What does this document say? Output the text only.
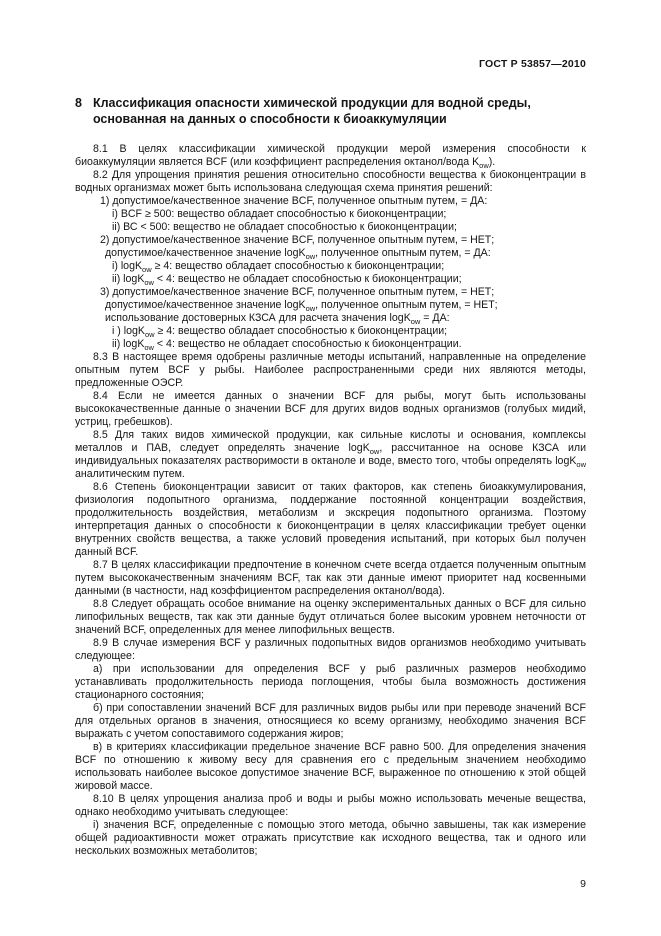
ГОСТ Р 53857—2010
8 Классификация опасности химической продукции для водной среды, основанная на данных о способности к биоаккумуляции

8.1 В целях классификации химической продукции мерой измерения способности к биоаккумуляции является BCF (или коэффициент распределения октанол/вода $K_{ow}$).

8.2 Для упрощения принятия решения относительно способности вещества к биоконцентрации в водных организмах может быть использована следующая схема принятия решений:

1) допустимое/качественное значение BCF, полученное опытным путем, = ДА:

i) BCF ≥ 500: вещество обладает способностью к биоконцентрации;

ii) ВС < 500: вещество не обладает способностью к биоконцентрации;

2) допустимое/качественное значение BCF, полученное опытным путем, = НЕТ;

допустимое/качественное значение logK$_{ow}$, полученное опытным путем, = ДА:

i) logK$_{ow}$ ≥ 4: вещество обладает способностью к биоконцентрации;

ii) logK$_{ow}$ < 4: вещество не обладает способностью к биоконцентрации;

3) допустимое/качественное значение BCF, полученное опытным путем, = НЕТ;

допустимое/качественное значение logK$_{ow}$, полученное опытным путем, = НЕТ;

использование достоверных КЗСА для расчета значения logK$_{ow}$ = ДА:

i ) logK$_{ow}$ ≥ 4: вещество обладает способностью к биоконцентрации;

ii) logK$_{ow}$ < 4: вещество не обладает способностью к биоконцентрации.

8.3 В настоящее время одобрены различные методы испытаний, направленные на определение опытным путем BCF у рыбы. Наиболее распространенными среди них являются методы, предложенные ОЭСР.

8.4 Если не имеется данных о значении BCF для рыбы, могут быть использованы высококачественные данные о значении BCF для других видов водных организмов (голубых мидий, устриц, гребешков).

8.5 Для таких видов химической продукции, как сильные кислоты и основания, комплексы металлов и ПАВ, следует определять значение logK$_{ow}$, рассчитанное на основе КЗСА или индивидуальных показателях растворимости в октаноле и воде, вместо того, чтобы определять logK$_{ow}$ аналитическим путем.

8.6 Степень биоконцентрации зависит от таких факторов, как степень биоаккумулирования, физиология подопытного организма, поддержание постоянной концентрации воздействия, продолжительность воздействия, метаболизм и экскреция подопытного организма. Поэтому интерпретация данных о способности к биоконцентрации в целях классификации требует оценки внутренних свойств вещества, а также условий проведения испытаний, при которых был получен данный BCF.

8.7 В целях классификации предпочтение в конечном счете всегда отдается полученным опытным путем высококачественным значениям BCF, так как эти данные имеют приоритет над косвенными данными (в частности, над коэффициентом распределения октанол/вода).

8.8 Следует обращать особое внимание на оценку экспериментальных данных о BCF для сильно липофильных веществ, так как эти данные будут отличаться более высоким уровнем неточности от значений BCF, определенных для менее липофильных веществ.

8.9 В случае измерения BCF у различных подопытных видов организмов необходимо учитывать следующее:

а) при использовании для определения BCF у рыб различных размеров необходимо устанавливать продолжительность периода поглощения, чтобы была возможность достижения стационарного состояния;

б) при сопоставлении значений BCF для различных видов рыбы или при переводе значений BCF для отдельных органов в значения, относящиеся ко всему организму, необходимо значения BCF выражать с учетом сопоставимого содержания жиров;

в) в критериях классификации предельное значение BCF равно 500. Для определения значения BCF по отношению к живому весу для сравнения его с предельным значением необходимо использовать наиболее высокое допустимое значение BCF, выраженное по отношению к этой общей жировой массе.

8.10 В целях упрощения анализа проб и воды и рыбы можно использовать меченые вещества, однако необходимо учитывать следующее:

i) значения BCF, определенные с помощью этого метода, обычно завышены, так как измерение общей радиоактивности может отражать присутствие как исходного вещества, так и одного или нескольких возможных метаболитов;

9
